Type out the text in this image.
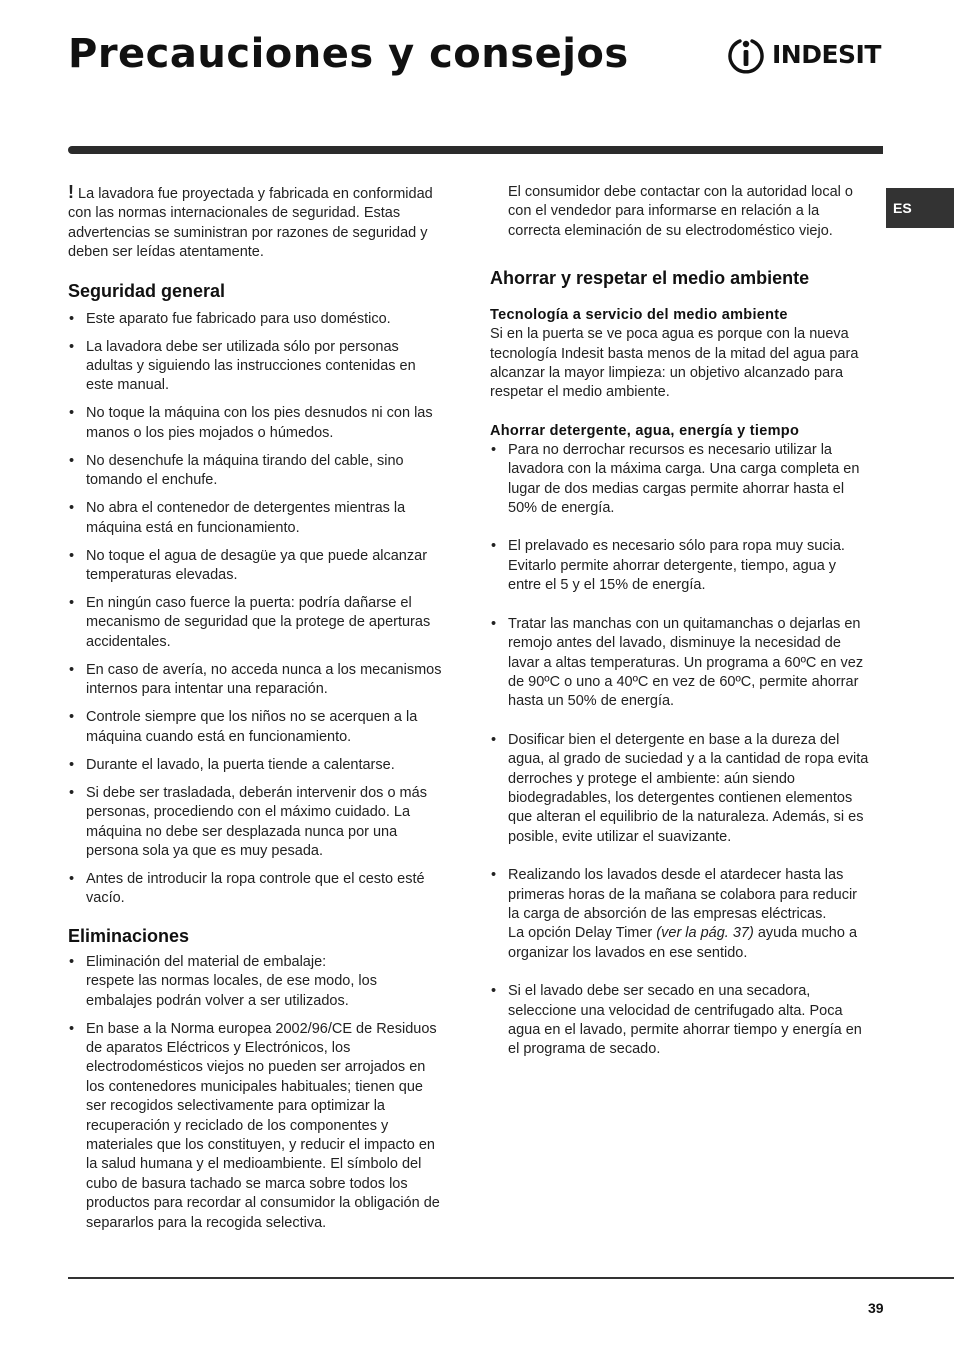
Precauciones y consejos	INDESIT
ES

! La lavadora fue proyectada y fabricada en conformidad con las normas internacionales de seguridad. Estas advertencias se suministran por razones de seguridad y deben ser leídas atentamente.

Seguridad general
• Este aparato fue fabricado para uso doméstico.
• La lavadora debe ser utilizada sólo por personas adultas y siguiendo las instrucciones contenidas en este manual.
• No toque la máquina con los pies desnudos ni con las manos o los pies mojados o húmedos.
• No desenchufe la máquina tirando del cable, sino tomando el enchufe.
• No abra el contenedor de detergentes mientras la máquina está en funcionamiento.
• No toque el agua de desagüe ya que puede alcanzar temperaturas elevadas.
• En ningún caso fuerce la puerta: podría dañarse el mecanismo de seguridad que la protege de aperturas accidentales.
• En caso de avería, no acceda nunca a los mecanismos internos para intentar una reparación.
• Controle siempre que los niños no se acerquen a la máquina cuando está en funcionamiento.
• Durante el lavado, la puerta tiende a calentarse.
• Si debe ser trasladada, deberán intervenir dos o más personas, procediendo con el máximo cuidado. La máquina no debe ser desplazada nunca por una persona sola ya que es muy pesada.
• Antes de introducir la ropa controle que el cesto esté vacío.
Eliminaciones
• Eliminación del material de embalaje:
respete las normas locales, de ese modo, los embalajes podrán volver a ser utilizados.
• En base a la Norma europea 2002/96/CE de Residuos de aparatos Eléctricos y Electrónicos, los electrodomésticos viejos no pueden ser arrojados en los contenedores municipales habituales; tienen que ser recogidos selectivamente para optimizar la recuperación y reciclado de los componentes y materiales que los constituyen, y reducir el impacto en la salud humana y el medioambiente. El símbolo del cubo de basura tachado se marca sobre todos los productos para recordar al consumidor la obligación de separarlos para la recogida selectiva.

El consumidor debe contactar con la autoridad local o con el vendedor para informarse en relación a la correcta eleminación de su electrodoméstico viejo.

Ahorrar y respetar el medio ambiente
Tecnología a servicio del medio ambiente

Si en la puerta se ve poca agua es porque con la nueva tecnología Indesit basta menos de la mitad del agua para alcanzar la mayor limpieza: un objetivo alcanzado para respetar el medio ambiente.

Ahorrar detergente, agua, energía y tiempo
• Para no derrochar recursos es necesario utilizar la lavadora con la máxima carga. Una carga completa en lugar de dos medias cargas permite ahorrar hasta el 50% de energía.
• El prelavado es necesario sólo para ropa muy sucia. Evitarlo permite ahorrar detergente, tiempo, agua y entre el 5 y el 15% de energía.
• Tratar las manchas con un quitamanchas o dejarlas en remojo antes del lavado, disminuye la necesidad de lavar a altas temperaturas. Un programa a 60ºC en vez de 90ºC o uno a 40ºC en vez de 60ºC, permite ahorrar hasta un 50% de energía.
• Dosificar bien el detergente en base a la dureza del agua, al grado de suciedad y a la cantidad de ropa evita derroches y protege el ambiente: aún siendo biodegradables, los detergentes contienen elementos que alteran el equilibrio de la naturaleza. Además, si es posible, evite utilizar el suavizante.
• Realizando los lavados desde el atardecer hasta las primeras horas de la mañana se colabora para reducir la carga de absorción de las empresas eléctricas.
La opción Delay Timer (ver la pág. 37) ayuda mucho a organizar los lavados en ese sentido.
• Si el lavado debe ser secado en una secadora, seleccione una velocidad de centrifugado alta. Poca agua en el lavado, permite ahorrar tiempo y energía en el programa de secado.
39
